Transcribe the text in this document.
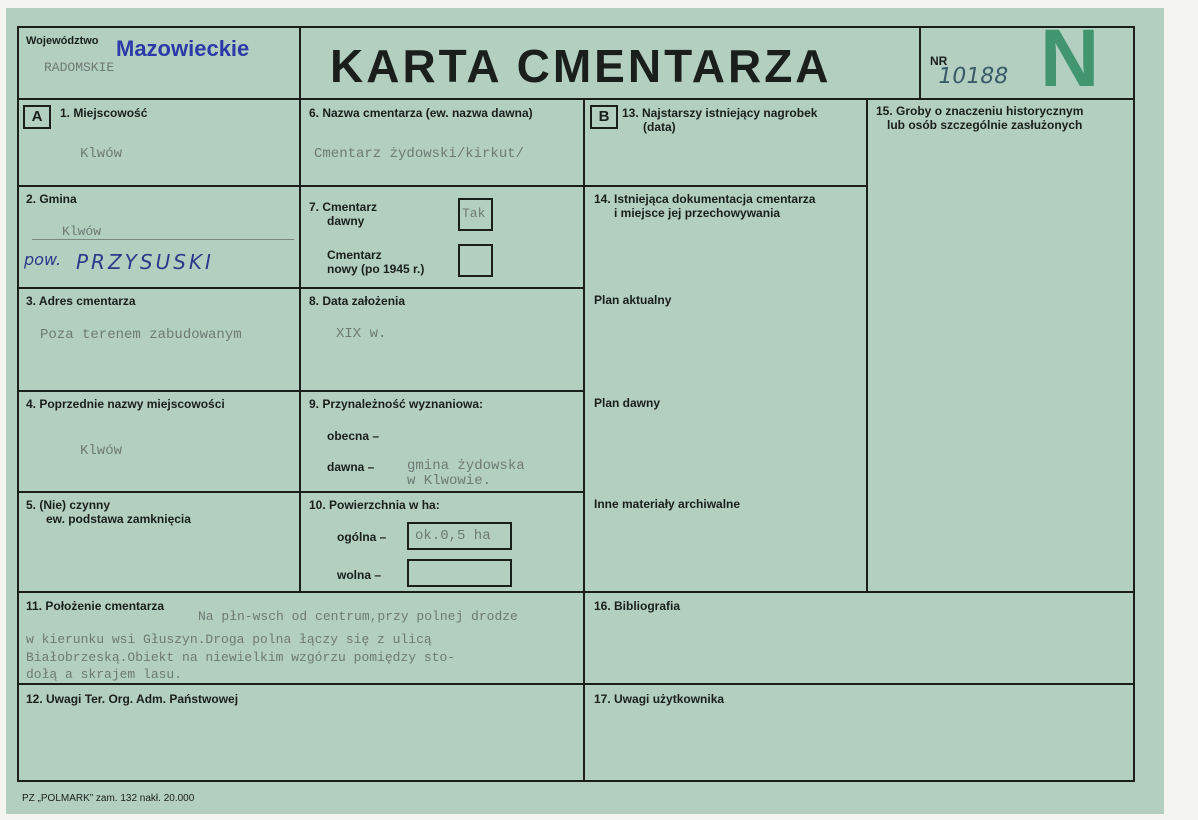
Województwo Mazowieckie
RADOMSKIE	KARTA CMENTARZA	NR
10188 N
A	B
1. Miejscowość
Klwów
2. Gmina
Klwów
pow. PRZYSUSKI
3. Adres cmentarza
Poza terenem zabudowanym
4. Poprzednie nazwy miejscowości
Klwów
5. (Nie) czynny
ew. podstawa zamknięcia
6. Nazwa cmentarza (ew. nazwa dawna)
Cmentarz żydowski/kirkut/
7. Cmentarz
dawny	Tak
Cmentarz
nowy (po 1945 r.)
8. Data założenia
XIX w.
9. Przynależność wyznaniowa:
obecna –
dawna – gmina żydowska
w Klwowie.
10. Powierzchnia w ha:
ogólna – ok.0,5 ha
wolna –
11. Położenie cmentarza
Na płn-wsch od centrum,przy polnej drodze
w kierunku wsi Głuszyn.Droga polna łączy się z ulicą
Białobrzeską.Obiekt na niewielkim wzgórzu pomiędzy sto-
dołą a skrajem lasu.
12. Uwagi Ter. Org. Adm. Państwowej
13. Najstarszy istniejący nagrobek
(data)
14. Istniejąca dokumentacja cmentarza
i miejsce jej przechowywania
Plan aktualny
Plan dawny
Inne materiały archiwalne
15. Groby o znaczeniu historycznym
lub osób szczególnie zasłużonych
16. Bibliografia
17. Uwagi użytkownika
PZ „POLMARK” zam. 132 nakł. 20.000
